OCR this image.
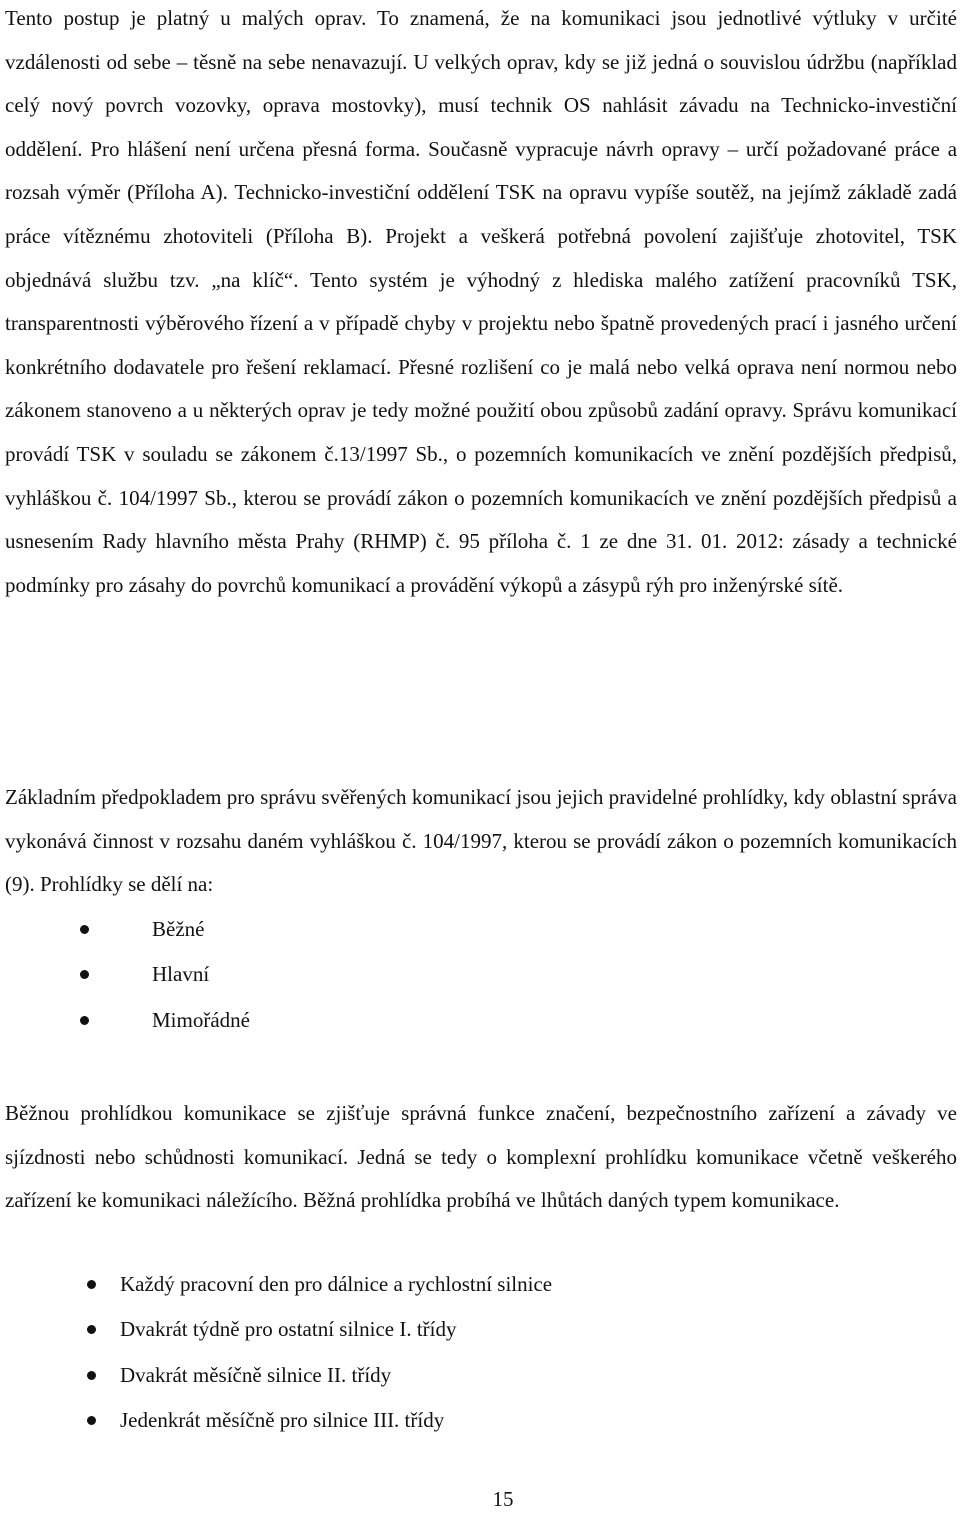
Tento postup je platný u malých oprav. To znamená, že na komunikaci jsou jednotlivé výtluky v určité vzdálenosti od sebe – těsně na sebe nenavazují. U velkých oprav, kdy se již jedná o souvislou údržbu (například celý nový povrch vozovky, oprava mostovky), musí technik OS nahlásit závadu na Technicko-investiční oddělení. Pro hlášení není určena přesná forma. Současně vypracuje návrh opravy – určí požadované práce a rozsah výměr (Příloha A). Technicko-investiční oddělení TSK na opravu vypíše soutěž, na jejímž základě zadá práce vítěznému zhotoviteli (Příloha B). Projekt a veškerá potřebná povolení zajišťuje zhotovitel, TSK objednává službu tzv. „na klíč“. Tento systém je výhodný z hlediska malého zatížení pracovníků TSK, transparentnosti výběrového řízení a v případě chyby v projektu nebo špatně provedených prací i jasného určení konkrétního dodavatele pro řešení reklamací. Přesné rozlišení co je malá nebo velká oprava není normou nebo zákonem stanoveno a u některých oprav je tedy možné použití obou způsobů zadání opravy. Správu komunikací provádí TSK v souladu se zákonem č.13/1997 Sb., o pozemních komunikacích ve znění pozdějších předpisů, vyhláškou č. 104/1997 Sb., kterou se provádí zákon o pozemních komunikacích ve znění pozdějších předpisů a usnesením Rady hlavního města Prahy (RHMP) č. 95 příloha č. 1 ze dne 31. 01. 2012: zásady a technické podmínky pro zásahy do povrchů komunikací a provádění výkopů a zásypů rýh pro inženýrské sítě.

Základním předpokladem pro správu svěřených komunikací jsou jejich pravidelné prohlídky, kdy oblastní správa vykonává činnost v rozsahu daném vyhláškou č. 104/1997, kterou se provádí zákon o pozemních komunikacích (9). Prohlídky se dělí na:

Běžné
Hlavní
Mimořádné

Běžnou prohlídkou komunikace se zjišťuje správná funkce značení, bezpečnostního zařízení a závady ve sjízdnosti nebo schůdnosti komunikací. Jedná se tedy o komplexní prohlídku komunikace včetně veškerého zařízení ke komunikaci náležícího. Běžná prohlídka probíhá ve lhůtách daných typem komunikace.

Každý pracovní den pro dálnice a rychlostní silnice
Dvakrát týdně pro ostatní silnice I. třídy
Dvakrát měsíčně silnice II. třídy
Jedenkrát měsíčně pro silnice III. třídy
15
